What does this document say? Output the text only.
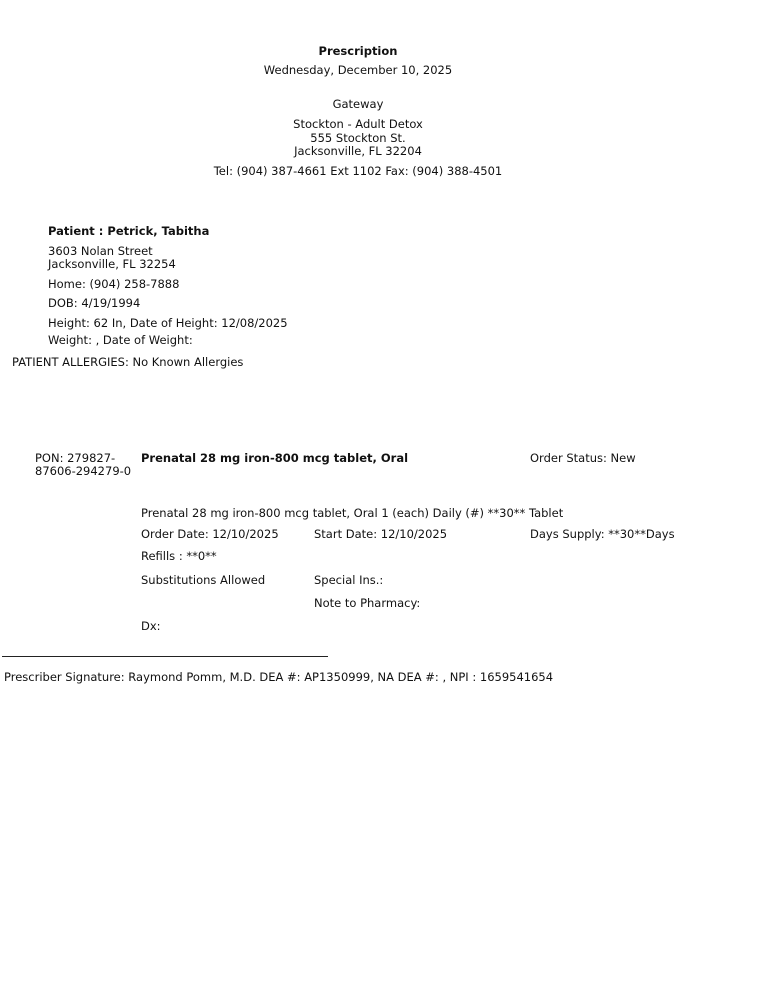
Prescription
Wednesday, December 10, 2025
Gateway
Stockton - Adult Detox
555 Stockton St.
Jacksonville, FL 32204
Tel: (904) 387-4661 Ext 1102 Fax: (904) 388-4501
Patient : Petrick, Tabitha
3603 Nolan Street
Jacksonville, FL 32254
Home: (904) 258-7888
DOB: 4/19/1994
Height: 62 In, Date of Height: 12/08/2025
Weight: , Date of Weight:
PATIENT ALLERGIES: No Known Allergies
PON: 279827-
87606-294279-0
Prenatal 28 mg iron-800 mcg tablet, Oral	Order Status: New
Prenatal 28 mg iron-800 mcg tablet, Oral 1 (each) Daily (#) **30** Tablet
Order Date: 12/10/2025	Start Date: 12/10/2025	Days Supply: **30**Days
Refills : **0**
Substitutions Allowed	Special Ins.:
Note to Pharmacy:
Dx:
Prescriber Signature: Raymond Pomm, M.D. DEA #: AP1350999, NA DEA #: , NPI : 1659541654
